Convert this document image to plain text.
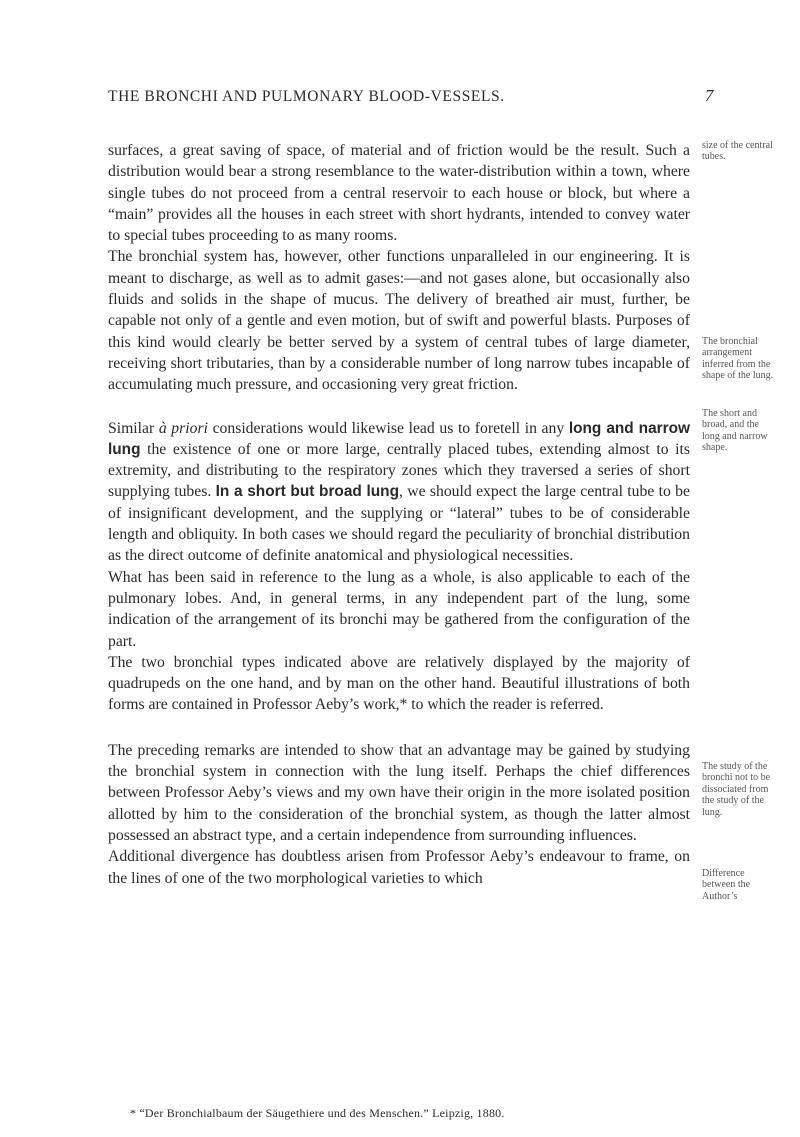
THE BRONCHI AND PULMONARY BLOOD-VESSELS.	7

surfaces, a great saving of space, of material and of friction would be the result. Such a distribution would bear a strong resemblance to the water-distribution within a town, where single tubes do not proceed from a central reservoir to each house or block, but where a “main” provides all the houses in each street with short hydrants, intended to convey water to special tubes proceeding to as many rooms.

The bronchial system has, however, other functions unparalleled in our engineering. It is meant to discharge, as well as to admit gases:—and not gases alone, but occasionally also fluids and solids in the shape of mucus. The delivery of breathed air must, further, be capable not only of a gentle and even motion, but of swift and powerful blasts. Purposes of this kind would clearly be better served by a system of central tubes of large diameter, receiving short tributaries, than by a considerable number of long narrow tubes incapable of accumulating much pressure, and occasioning very great friction.

Similar à priori considerations would likewise lead us to foretell in any long and narrow lung the existence of one or more large, centrally placed tubes, extending almost to its extremity, and distributing to the respiratory zones which they traversed a series of short supplying tubes. In a short but broad lung, we should expect the large central tube to be of insignificant development, and the supplying or “lateral” tubes to be of considerable length and obliquity. In both cases we should regard the peculiarity of bronchial distribution as the direct outcome of definite anatomical and physiological necessities.

What has been said in reference to the lung as a whole, is also applicable to each of the pulmonary lobes. And, in general terms, in any independent part of the lung, some indication of the arrangement of its bronchi may be gathered from the configuration of the part.

The two bronchial types indicated above are relatively displayed by the majority of quadrupeds on the one hand, and by man on the other hand. Beautiful illustrations of both forms are contained in Professor Aeby’s work,* to which the reader is referred.

The preceding remarks are intended to show that an advantage may be gained by studying the bronchial system in connection with the lung itself. Perhaps the chief differences between Professor Aeby’s views and my own have their origin in the more isolated position allotted by him to the consideration of the bronchial system, as though the latter almost possessed an abstract type, and a certain independence from surrounding influences.

Additional divergence has doubtless arisen from Professor Aeby’s endeavour to frame, on the lines of one of the two morphological varieties to which

size of the central tubes.
The bronchial arrangement inferred from the shape of the lung.
The short and broad, and the long and narrow shape.
The study of the bronchi not to be dissociated from the study of the lung.
Difference between the Author’s
* “Der Bronchialbaum der Säugethiere und des Menschen.” Leipzig, 1880.
